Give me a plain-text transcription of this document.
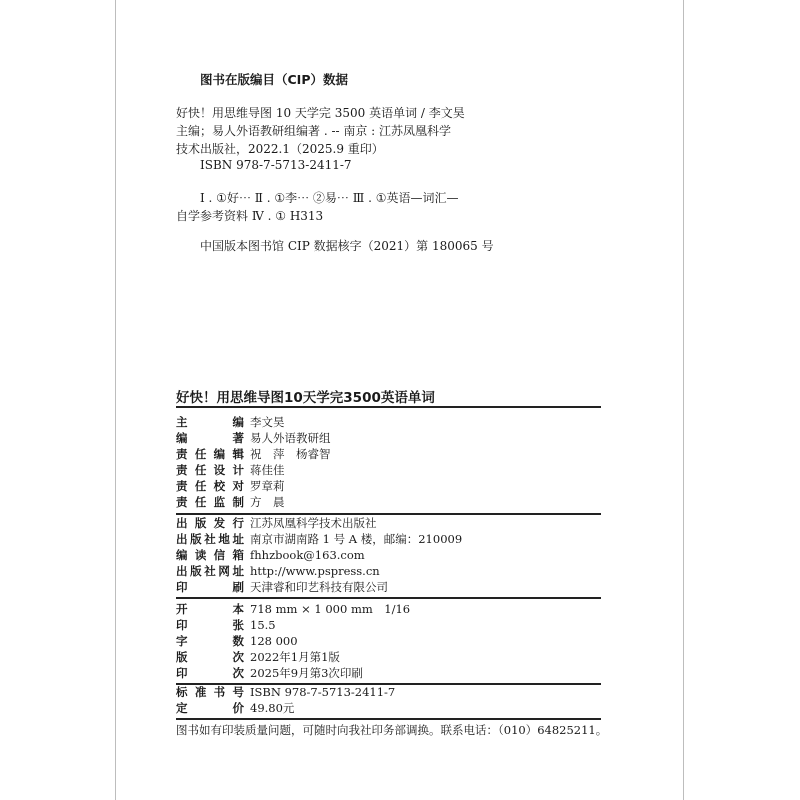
图书在版编目（CIP）数据
好快！用思维导图 10 天学完 3500 英语单词 / 李文昊
主编；易人外语教研组编著 . -- 南京 : 江苏凤凰科学
技术出版社，2022.1（2025.9 重印）
ISBN 978-7-5713-2411-7
Ⅰ . ①好⋯ Ⅱ . ①李⋯ ②易⋯ Ⅲ . ①英语—词汇—
自学参考资料 Ⅳ . ① H313
中国版本图书馆 CIP 数据核字（2021）第 180065 号
好快！用思维导图10天学完3500英语单词
主　编 李文昊
编　著 易人外语教研组
责任编辑 祝　萍　杨睿智
责任设计 蒋佳佳
责任校对 罗章莉
责任监制 方　晨
出版发行 江苏凤凰科学技术出版社
出版社地址 南京市湖南路 1 号 A 楼，邮编：210009
编读信箱 fhhzbook@163.com
出版社网址 http://www.pspress.cn
印　刷 天津睿和印艺科技有限公司
开　本 718 mm × 1 000 mm　1/16
印　张 15.5
字　数 128 000
版　次 2022年1月第1版
印　次 2025年9月第3次印刷
标准书号 ISBN 978-7-5713-2411-7
定　价 49.80元
图书如有印装质量问题，可随时向我社印务部调换。联系电话：（010）64825211。
